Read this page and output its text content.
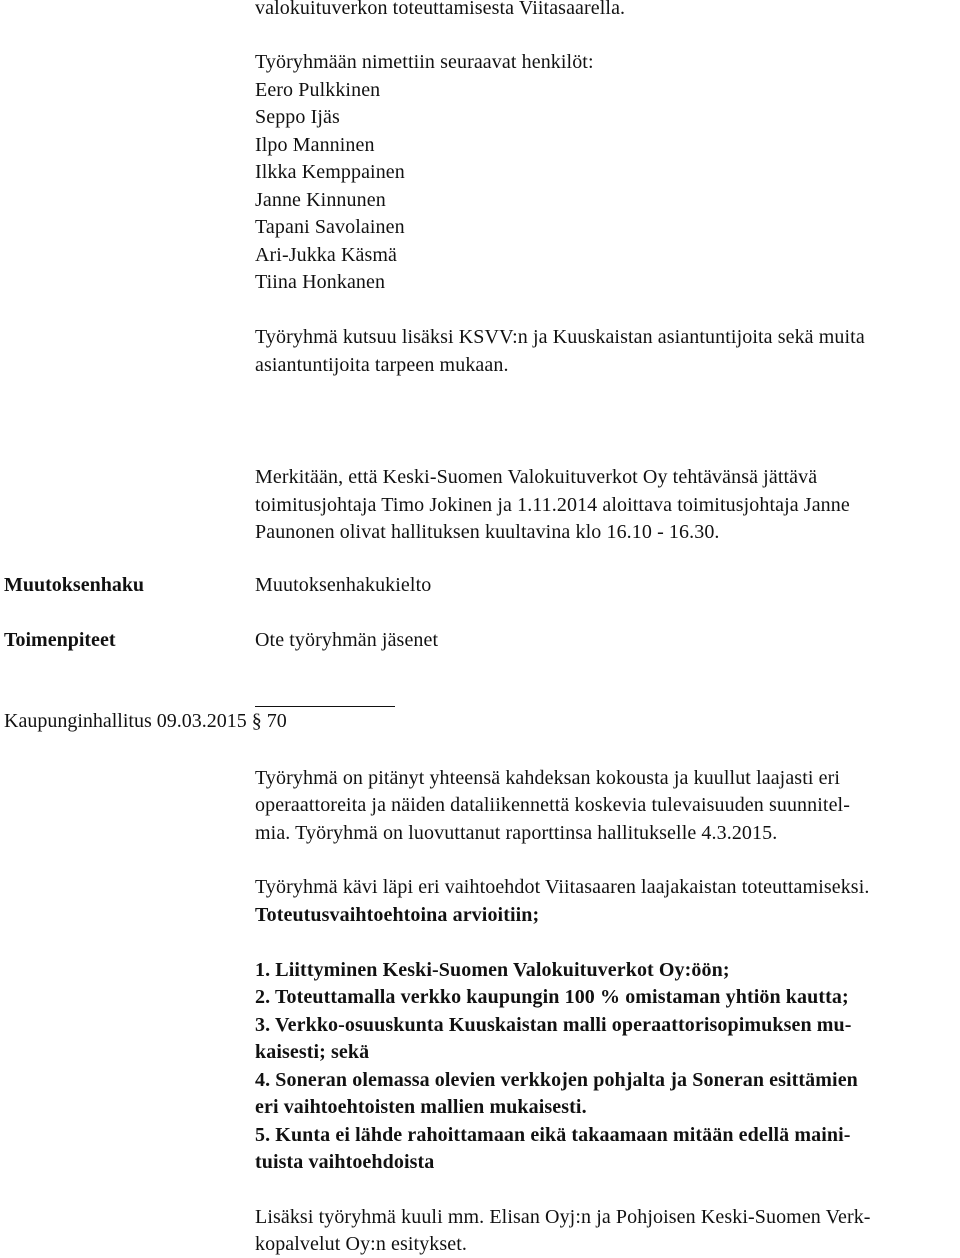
valokuituverkon toteuttamisesta Viitasaarella.
Työryhmään nimettiin seuraavat henkilöt:
Eero Pulkkinen
Seppo Ijäs
Ilpo Manninen
Ilkka Kemppainen
Janne Kinnunen
Tapani Savolainen
Ari-Jukka Käsmä
Tiina Honkanen
Työryhmä kutsuu lisäksi KSVV:n ja Kuuskaistan asiantuntijoita sekä muita
asiantuntijoita tarpeen mukaan.
Merkitään, että Keski-Suomen Valokuituverkot Oy tehtävänsä jättävä
toimitusjohtaja Timo Jokinen ja 1.11.2014 aloittava toimitusjohtaja Janne
Paunonen olivat hallituksen kuultavina klo 16.10 - 16.30.
Muutoksenhaku	Muutoksenhakukielto
Toimenpiteet	Ote työryhmän jäsenet
Kaupunginhallitus 09.03.2015 § 70
Työryhmä on pitänyt yhteensä kahdeksan kokousta ja kuullut laajasti eri
operaattoreita ja näiden dataliikennettä koskevia tulevaisuuden suunnitel-
mia. Työryhmä on luovuttanut raporttinsa hallitukselle 4.3.2015.
Työryhmä kävi läpi eri vaihtoehdot Viitasaaren laajakaistan toteuttamiseksi.
Toteutusvaihtoehtoina arvioitiin;
1. Liittyminen Keski-Suomen Valokuituverkot Oy:öön;
2. Toteuttamalla verkko kaupungin 100 % omistaman yhtiön kautta;
3. Verkko-osuuskunta Kuuskaistan malli operaattorisopimuksen mu-
kaisesti; sekä
4. Soneran olemassa olevien verkkojen pohjalta ja Soneran esittämien
eri vaihtoehtoisten mallien mukaisesti.
5. Kunta ei lähde rahoittamaan eikä takaamaan mitään edellä maini-
tuista vaihtoehdoista
Lisäksi työryhmä kuuli mm. Elisan Oyj:n ja Pohjoisen Keski-Suomen Verk-
kopalvelut Oy:n esitykset.
